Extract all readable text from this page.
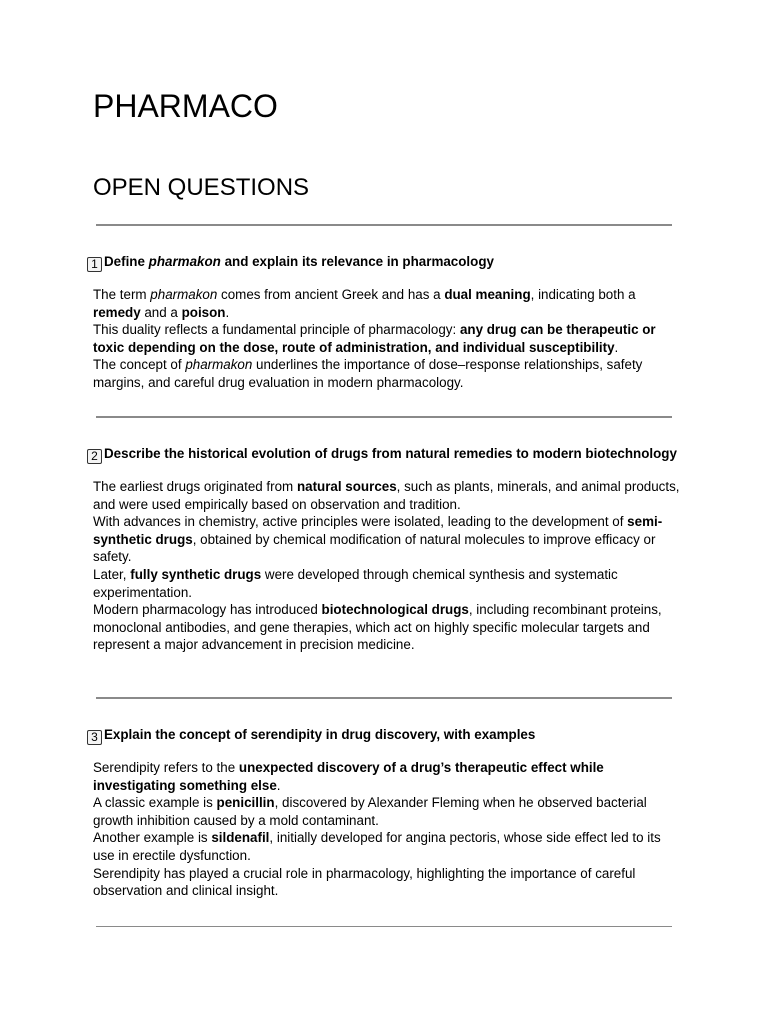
PHARMACO
OPEN QUESTIONS
1 Define pharmakon and explain its relevance in pharmacology

The term pharmakon comes from ancient Greek and has a dual meaning, indicating both a remedy and a poison.

This duality reflects a fundamental principle of pharmacology: any drug can be therapeutic or toxic depending on the dose, route of administration, and individual susceptibility.

The concept of pharmakon underlines the importance of dose–response relationships, safety margins, and careful drug evaluation in modern pharmacology.

2 Describe the historical evolution of drugs from natural remedies to modern biotechnology

The earliest drugs originated from natural sources, such as plants, minerals, and animal products, and were used empirically based on observation and tradition.

With advances in chemistry, active principles were isolated, leading to the development of semi-synthetic drugs, obtained by chemical modification of natural molecules to improve efficacy or safety.

Later, fully synthetic drugs were developed through chemical synthesis and systematic experimentation.

Modern pharmacology has introduced biotechnological drugs, including recombinant proteins, monoclonal antibodies, and gene therapies, which act on highly specific molecular targets and represent a major advancement in precision medicine.

3 Explain the concept of serendipity in drug discovery, with examples

Serendipity refers to the unexpected discovery of a drug’s therapeutic effect while investigating something else.

A classic example is penicillin, discovered by Alexander Fleming when he observed bacterial growth inhibition caused by a mold contaminant.

Another example is sildenafil, initially developed for angina pectoris, whose side effect led to its use in erectile dysfunction.

Serendipity has played a crucial role in pharmacology, highlighting the importance of careful observation and clinical insight.
